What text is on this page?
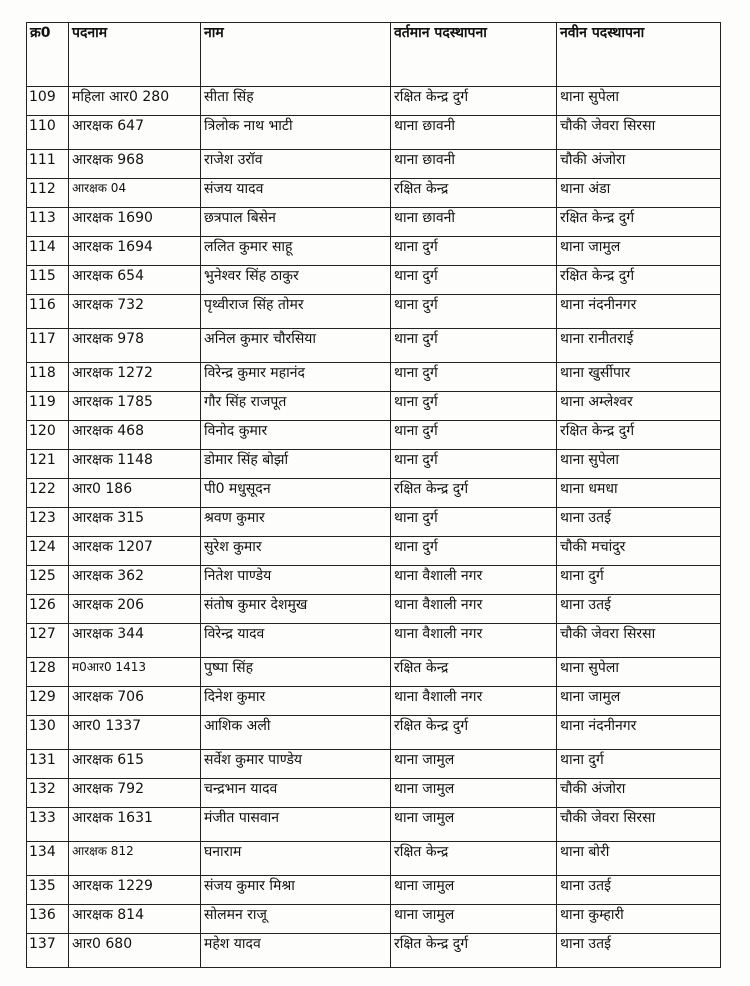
क्र0	पदनाम	नाम	वर्तमान पदस्थापना	नवीन पदस्थापना
109	महिला आर0 280	सीता सिंह	रक्षित केन्द्र दुर्ग	थाना सुपेला
110	आरक्षक 647	त्रिलोक नाथ भाटी	थाना छावनी	चौकी जेवरा सिरसा
111	आरक्षक 968	राजेश उरॉव	थाना छावनी	चौकी अंजोरा
112	आरक्षक 04	संजय यादव	रक्षित केन्द्र	थाना अंडा
113	आरक्षक 1690	छत्रपाल बिसेन	थाना छावनी	रक्षित केन्द्र दुर्ग
114	आरक्षक 1694	ललित कुमार साहू	थाना दुर्ग	थाना जामुल
115	आरक्षक 654	भुनेश्वर सिंह ठाकुर	थाना दुर्ग	रक्षित केन्द्र दुर्ग
116	आरक्षक 732	पृथ्वीराज सिंह तोमर	थाना दुर्ग	थाना नंदनीनगर
117	आरक्षक 978	अनिल कुमार चौरसिया	थाना दुर्ग	थाना रानीतराई
118	आरक्षक 1272	विरेन्द्र कुमार महानंद	थाना दुर्ग	थाना खुर्सीपार
119	आरक्षक 1785	गौर सिंह राजपूत	थाना दुर्ग	थाना अम्लेश्वर
120	आरक्षक 468	विनोद कुमार	थाना दुर्ग	रक्षित केन्द्र दुर्ग
121	आरक्षक 1148	डोमार सिंह बोर्झा	थाना दुर्ग	थाना सुपेला
122	आर0 186	पी0 मधुसूदन	रक्षित केन्द्र दुर्ग	थाना धमधा
123	आरक्षक 315	श्रवण कुमार	थाना दुर्ग	थाना उतई
124	आरक्षक 1207	सुरेश कुमार	थाना दुर्ग	चौकी मचांदुर
125	आरक्षक 362	नितेश पाण्डेय	थाना वैशाली नगर	थाना दुर्ग
126	आरक्षक 206	संतोष कुमार देशमुख	थाना वैशाली नगर	थाना उतई
127	आरक्षक 344	विरेन्द्र यादव	थाना वैशाली नगर	चौकी जेवरा सिरसा
128	म0आर0 1413	पुष्पा सिंह	रक्षित केन्द्र	थाना सुपेला
129	आरक्षक 706	दिनेश कुमार	थाना वैशाली नगर	थाना जामुल
130	आर0 1337	आशिक अली	रक्षित केन्द्र दुर्ग	थाना नंदनीनगर
131	आरक्षक 615	सर्वेश कुमार पाण्डेय	थाना जामुल	थाना दुर्ग
132	आरक्षक 792	चन्द्रभान यादव	थाना जामुल	चौकी अंजोरा
133	आरक्षक 1631	मंजीत पासवान	थाना जामुल	चौकी जेवरा सिरसा
134	आरक्षक 812	घनाराम	रक्षित केन्द्र	थाना बोरी
135	आरक्षक 1229	संजय कुमार मिश्रा	थाना जामुल	थाना उतई
136	आरक्षक 814	सोलमन राजू	थाना जामुल	थाना कुम्हारी
137	आर0 680	महेश यादव	रक्षित केन्द्र दुर्ग	थाना उतई
